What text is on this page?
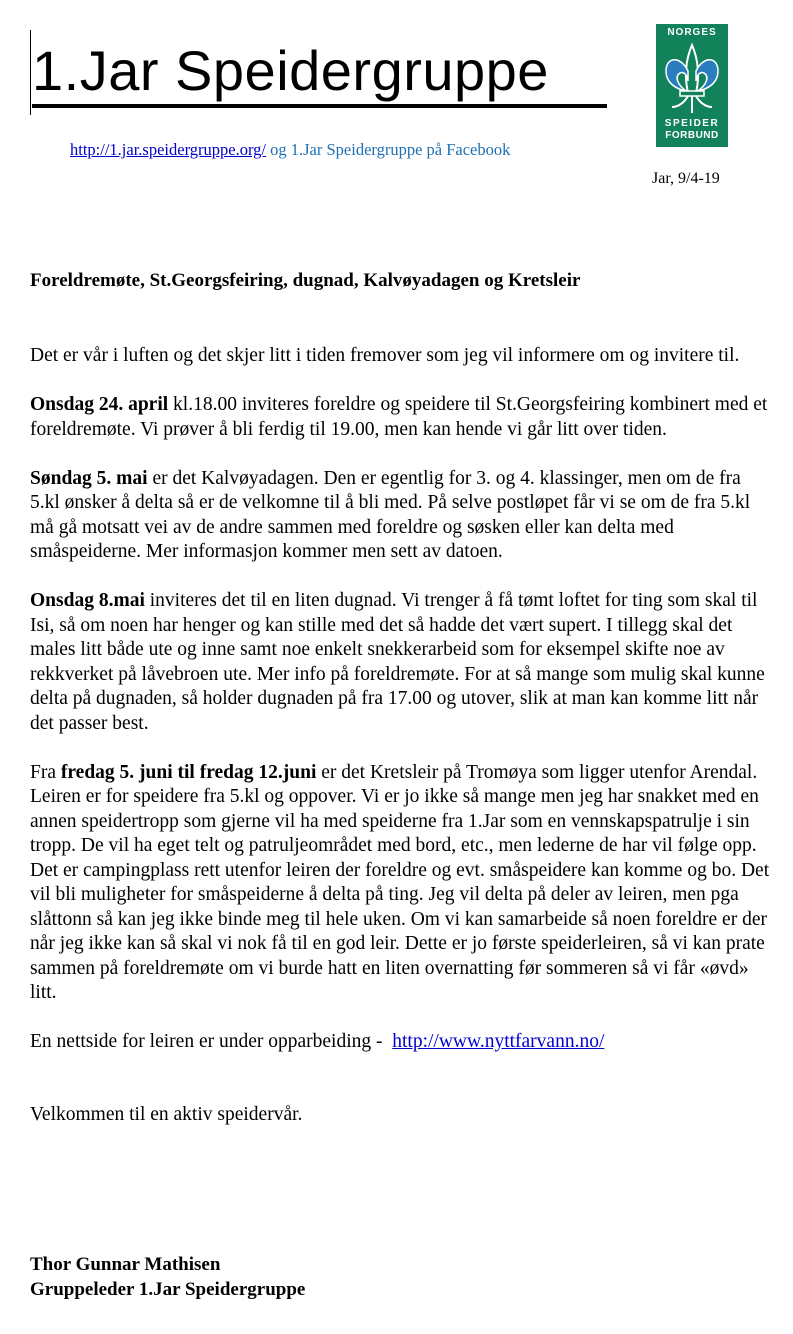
1.Jar Speidergruppe
http://1.jar.speidergruppe.org/ og 1.Jar Speidergruppe på Facebook
NORGES
SPEIDER
FORBUND
Jar, 9/4-19
Foreldremøte, St.Georgsfeiring, dugnad, Kalvøyadagen og Kretsleir

Det er vår i luften og det skjer litt i tiden fremover som jeg vil informere om og invitere til.

Onsdag 24. april kl.18.00 inviteres foreldre og speidere til St.Georgsfeiring kombinert med et foreldremøte. Vi prøver å bli ferdig til 19.00, men kan hende vi går litt over tiden.

Søndag 5. mai er det Kalvøyadagen. Den er egentlig for 3. og 4. klassinger, men om de fra 5.kl ønsker å delta så er de velkomne til å bli med. På selve postløpet får vi se om de fra 5.kl må gå motsatt vei av de andre sammen med foreldre og søsken eller kan delta med småspeiderne. Mer informasjon kommer men sett av datoen.

Onsdag 8.mai inviteres det til en liten dugnad. Vi trenger å få tømt loftet for ting som skal til Isi, så om noen har henger og kan stille med det så hadde det vært supert. I tillegg skal det males litt både ute og inne samt noe enkelt snekkerarbeid som for eksempel skifte noe av rekkverket på låvebroen ute. Mer info på foreldremøte. For at så mange som mulig skal kunne delta på dugnaden, så holder dugnaden på fra 17.00 og utover, slik at man kan komme litt når det passer best.

Fra fredag 5. juni til fredag 12.juni er det Kretsleir på Tromøya som ligger utenfor Arendal. Leiren er for speidere fra 5.kl og oppover. Vi er jo ikke så mange men jeg har snakket med en annen speidertropp som gjerne vil ha med speiderne fra 1.Jar som en vennskapspatrulje i sin tropp. De vil ha eget telt og patruljeområdet med bord, etc., men lederne de har vil følge opp. Det er campingplass rett utenfor leiren der foreldre og evt. småspeidere kan komme og bo. Det vil bli muligheter for småspeiderne å delta på ting. Jeg vil delta på deler av leiren, men pga slåttonn så kan jeg ikke binde meg til hele uken. Om vi kan samarbeide så noen foreldre er der når jeg ikke kan så skal vi nok få til en god leir. Dette er jo første speiderleiren, så vi kan prate sammen på foreldremøte om vi burde hatt en liten overnatting før sommeren så vi får «øvd» litt.

En nettside for leiren er under opparbeiding -  http://www.nyttfarvann.no/

Velkommen til en aktiv speidervår.

Thor Gunnar Mathisen
Gruppeleder 1.Jar Speidergruppe
